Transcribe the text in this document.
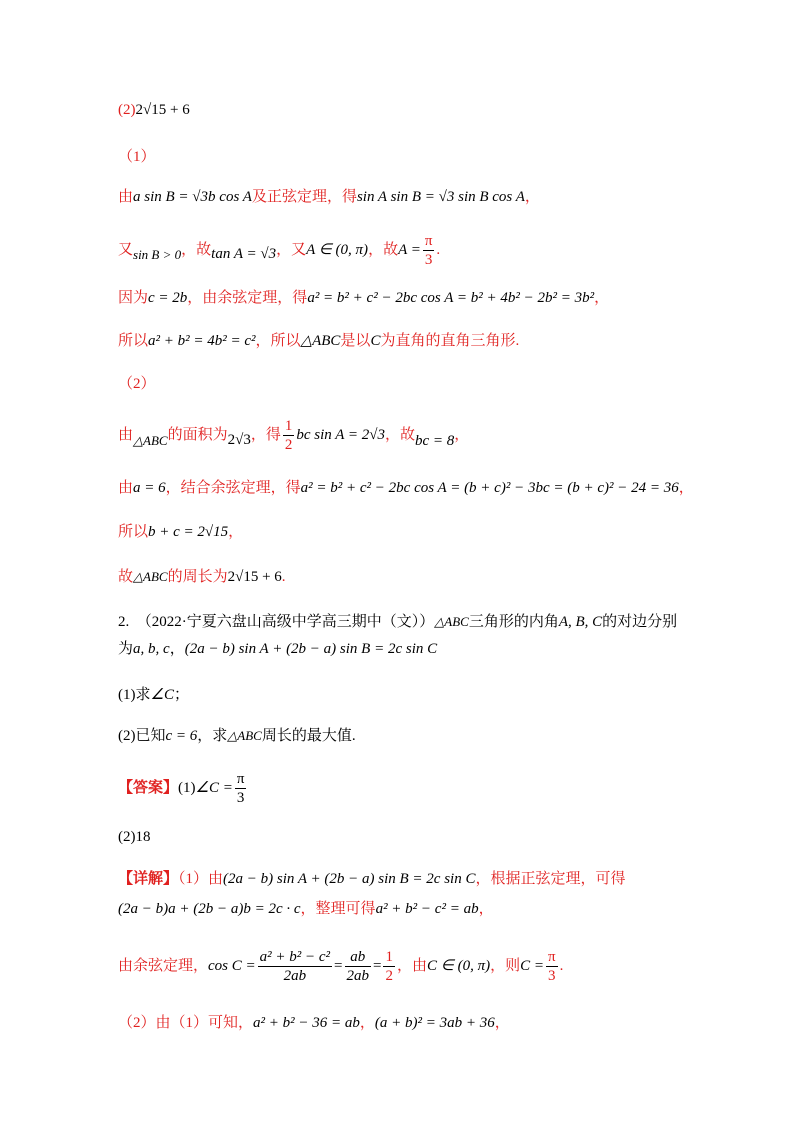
(2)2√15 + 6
（1）
由a sin B = √3b cos A及正弦定理，得sin A sin B = √3 sin B cos A，
又sin B > 0，故tan A = √3，又A ∈ (0, π)，故$A = \frac{\pi}{3}$ .
因为c = 2b，由余弦定理，得a² = b² + c² − 2bc cos A = b² + 4b² − 2b² = 3b²，
所以a² + b² = 4b² = c²，所以△ABC是以C为直角的直角三角形.
（2）
由△ABC的面积为2√3，得 $\frac{1}{2}$ bc sin A = 2√3，故bc = 8，
由a = 6，结合余弦定理，得a² = b² + c² − 2bc cos A = (b + c)² − 3bc = (b + c)² − 24 = 36，
所以b + c = 2√15，
故△ABC的周长为2√15 + 6.
2.　（2022·宁夏六盘山高级中学高三期中（文））△ABC三角形的内角A, B, C的对边分别
为a, b, c，(2a − b) sin A + (2b − a) sin B = 2c sin C
(1)求∠C；
(2)已知c = 6，求△ABC周长的最大值.
【答案】(1)∠C = $\frac{\pi}{3}$
(2)18
【详解】（1）由(2a − b) sin A + (2b − a) sin B = 2c sin C，根据正弦定理，可得
(2a − b)a + (2b − a)b = 2c · c，整理可得a² + b² − c² = ab，
由余弦定理，$\cos C = \frac{\text{a² + b² − c²}}{2ab} = \frac{ab}{2ab} = \frac{1}{2}$ ，由C ∈ (0, π)，则$C = \frac{\pi}{3}$ .
（2）由（1）可知，a² + b² − 36 = ab，(a + b)² = 3ab + 36，
